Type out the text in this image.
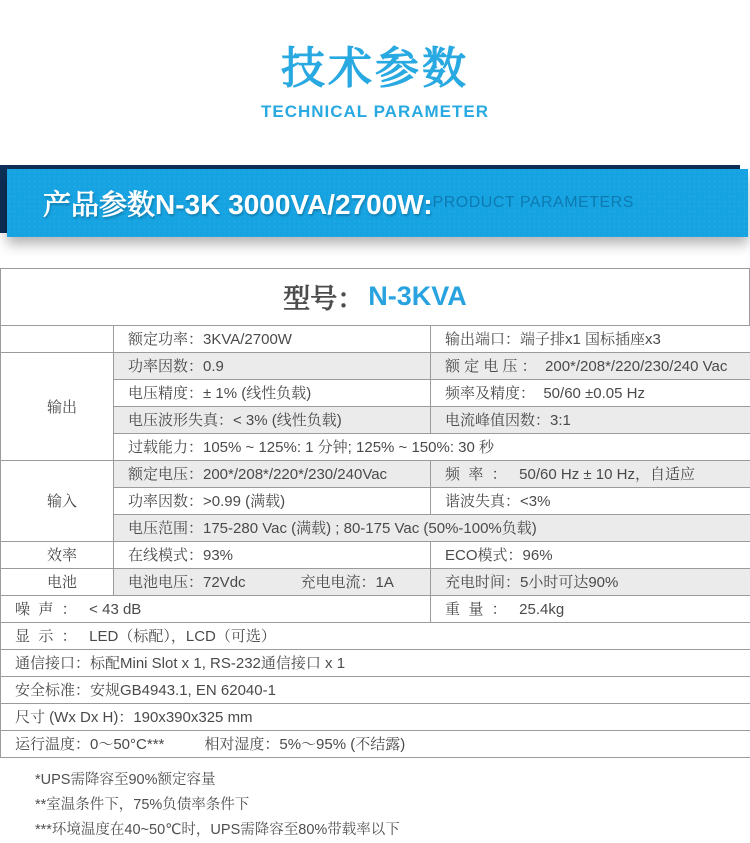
技术参数
TECHNICAL PARAMETER
产品参数N-3K 3000VA/2700W: PRODUCT PARAMETERS
型号： N-3KVA
	额定功率：3KVA/2700W	输出端口：端子排x1 国标插座x3
输出	功率因数：0.9	额 定 电 压 ：  200*/208*/220/230/240 Vac
	电压精度：± 1% (线性负载)	频率及精度：  50/60 ±0.05 Hz
	电压波形失真：< 3% (线性负载)	电流峰值因数：3:1
	过载能力：105% ~ 125%: 1 分钟; 125% ~ 150%: 30 秒	
输入	额定电压：200*/208*/220*/230/240Vac	频  率  ：   50/60 Hz ± 10 Hz，自适应
	功率因数：>0.99 (满载)	谐波失真：<3%
	电压范围：175-280 Vac (满载) ; 80-175 Vac (50%-100%负载)	
效率	在线模式：93%	ECO模式：96%
电池	电池电压：72Vdc 充电电流：1A	充电时间：5小时可达90%
噪  声  ：   < 43 dB		重  量  ：   25.4kg
显  示  ：   LED（标配），LCD（可选）		
通信接口：标配Mini Slot x 1, RS-232通信接口 x 1		
安全标准：安规GB4943.1, EN 62040-1		
尺寸 (Wx Dx H)：190x390x325 mm		
运行温度：0～50°C*** 相对湿度：5%～95% (不结露)		
*UPS需降容至90%额定容量
**室温条件下，75%负债率条件下
***环境温度在40~50℃时，UPS需降容至80%带载率以下
